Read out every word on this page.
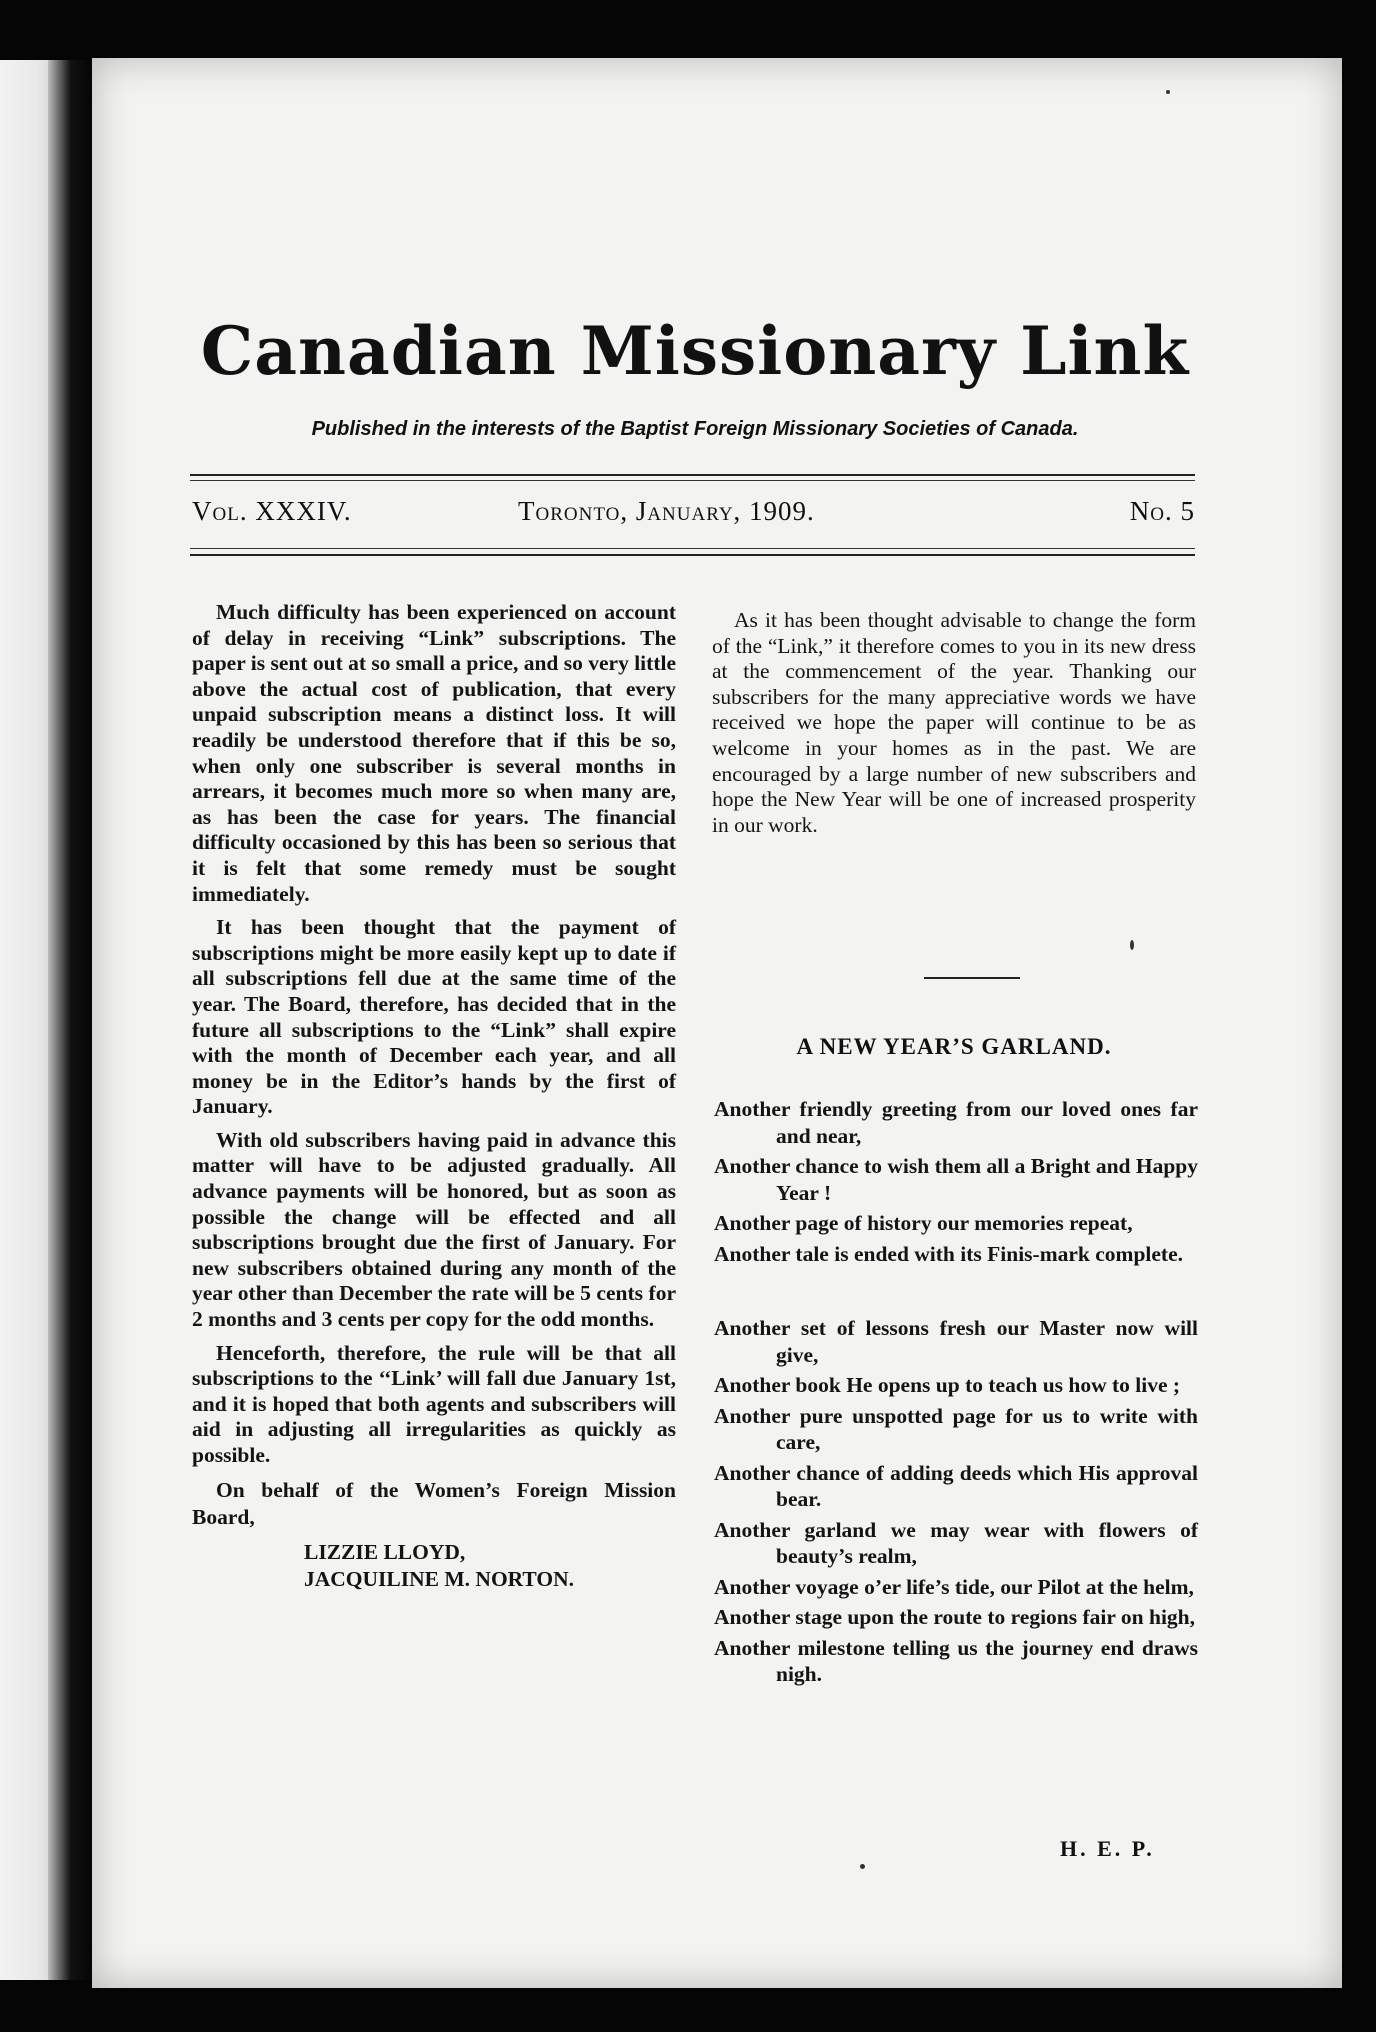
Canadian Missionary Link
Published in the interests of the Baptist Foreign Missionary Societies of Canada.
Vol. XXXIV.	Toronto, January, 1909.	No. 5

Much difficulty has been experienced on account of delay in receiving “Link” subscriptions. The paper is sent out at so small a price, and so very little above the actual cost of publication, that every unpaid subscription means a distinct loss. It will readily be understood therefore that if this be so, when only one subscriber is several months in arrears, it becomes much more so when many are, as has been the case for years. The financial difficulty occasioned by this has been so serious that it is felt that some remedy must be sought immediately.

It has been thought that the payment of subscriptions might be more easily kept up to date if all subscriptions fell due at the same time of the year. The Board, therefore, has decided that in the future all subscriptions to the “Link” shall expire with the month of December each year, and all money be in the Editor’s hands by the first of January.

With old subscribers having paid in advance this matter will have to be adjusted gradually. All advance payments will be honored, but as soon as possible the change will be effected and all subscriptions brought due the first of January. For new subscribers obtained during any month of the year other than December the rate will be 5 cents for 2 months and 3 cents per copy for the odd months.

Henceforth, therefore, the rule will be that all subscriptions to the ‘‘Link’ will fall due January 1st, and it is hoped that both agents and subscribers will aid in adjusting all irregularities as quickly as possible.

On behalf of the Women’s Foreign Mission Board,

LIZZIE LLOYD,
JACQUILINE M. NORTON.

As it has been thought advisable to change the form of the “Link,” it therefore comes to you in its new dress at the commencement of the year. Thanking our subscribers for the many appreciative words we have received we hope the paper will continue to be as welcome in your homes as in the past. We are encouraged by a large number of new subscribers and hope the New Year will be one of increased prosperity in our work.

A NEW YEAR’S GARLAND.

Another friendly greeting from our loved ones far and near,

Another chance to wish them all a Bright and Happy Year !

Another page of history our memories repeat,

Another tale is ended with its Finis-mark complete.

Another set of lessons fresh our Master now will give,

Another book He opens up to teach us how to live ;

Another pure unspotted page for us to write with care,

Another chance of adding deeds which His approval bear.

Another garland we may wear with flowers of beauty’s realm,

Another voyage o’er life’s tide, our Pilot at the helm,

Another stage upon the route to regions fair on high,

Another milestone telling us the journey end draws nigh.

H. E. P.
